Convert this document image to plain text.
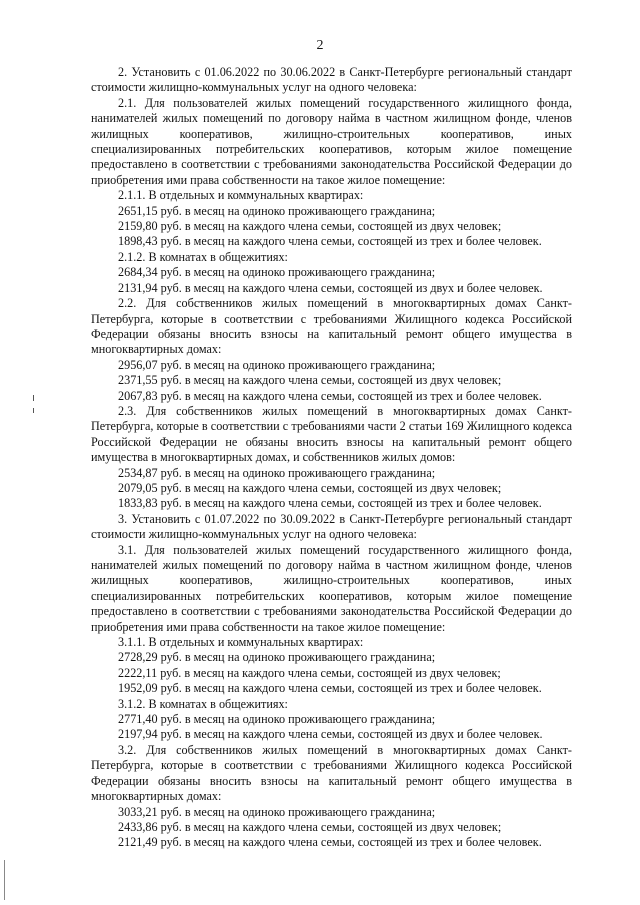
2

2. Установить с 01.06.2022 по 30.06.2022 в Санкт-Петербурге региональный стандарт стоимости жилищно-коммунальных услуг на одного человека:

2.1. Для пользователей жилых помещений государственного жилищного фонда, нанимателей жилых помещений по договору найма в частном жилищном фонде, членов жилищных кооперативов, жилищно-строительных кооперативов, иных специализированных потребительских кооперативов, которым жилое помещение предоставлено в соответствии с требованиями законодательства Российской Федерации до приобретения ими права собственности на такое жилое помещение:

2.1.1. В отдельных и коммунальных квартирах:

2651,15 руб. в месяц на одиноко проживающего гражданина;

2159,80 руб. в месяц на каждого члена семьи, состоящей из двух человек;

1898,43 руб. в месяц на каждого члена семьи, состоящей из трех и более человек.

2.1.2. В комнатах в общежитиях:

2684,34 руб. в месяц на одиноко проживающего гражданина;

2131,94 руб. в месяц на каждого члена семьи, состоящей из двух и более человек.

2.2. Для собственников жилых помещений в многоквартирных домах Санкт-Петербурга, которые в соответствии с требованиями Жилищного кодекса Российской Федерации обязаны вносить взносы на капитальный ремонт общего имущества в многоквартирных домах:

2956,07 руб. в месяц на одиноко проживающего гражданина;

2371,55 руб. в месяц на каждого члена семьи, состоящей из двух человек;

2067,83 руб. в месяц на каждого члена семьи, состоящей из трех и более человек.

2.3. Для собственников жилых помещений в многоквартирных домах Санкт-Петербурга, которые в соответствии с требованиями части 2 статьи 169 Жилищного кодекса Российской Федерации не обязаны вносить взносы на капитальный ремонт общего имущества в многоквартирных домах, и собственников жилых домов:

2534,87 руб. в месяц на одиноко проживающего гражданина;

2079,05 руб. в месяц на каждого члена семьи, состоящей из двух человек;

1833,83 руб. в месяц на каждого члена семьи, состоящей из трех и более человек.

3. Установить с 01.07.2022 по 30.09.2022 в Санкт-Петербурге региональный стандарт стоимости жилищно-коммунальных услуг на одного человека:

3.1. Для пользователей жилых помещений государственного жилищного фонда, нанимателей жилых помещений по договору найма в частном жилищном фонде, членов жилищных кооперативов, жилищно-строительных кооперативов, иных специализированных потребительских кооперативов, которым жилое помещение предоставлено в соответствии с требованиями законодательства Российской Федерации до приобретения ими права собственности на такое жилое помещение:

3.1.1. В отдельных и коммунальных квартирах:

2728,29 руб. в месяц на одиноко проживающего гражданина;

2222,11 руб. в месяц на каждого члена семьи, состоящей из двух человек;

1952,09 руб. в месяц на каждого члена семьи, состоящей из трех и более человек.

3.1.2. В комнатах в общежитиях:

2771,40 руб. в месяц на одиноко проживающего гражданина;

2197,94 руб. в месяц на каждого члена семьи, состоящей из двух и более человек.

3.2. Для собственников жилых помещений в многоквартирных домах Санкт-Петербурга, которые в соответствии с требованиями Жилищного кодекса Российской Федерации обязаны вносить взносы на капитальный ремонт общего имущества в многоквартирных домах:

3033,21 руб. в месяц на одиноко проживающего гражданина;

2433,86 руб. в месяц на каждого члена семьи, состоящей из двух человек;

2121,49 руб. в месяц на каждого члена семьи, состоящей из трех и более человек.
